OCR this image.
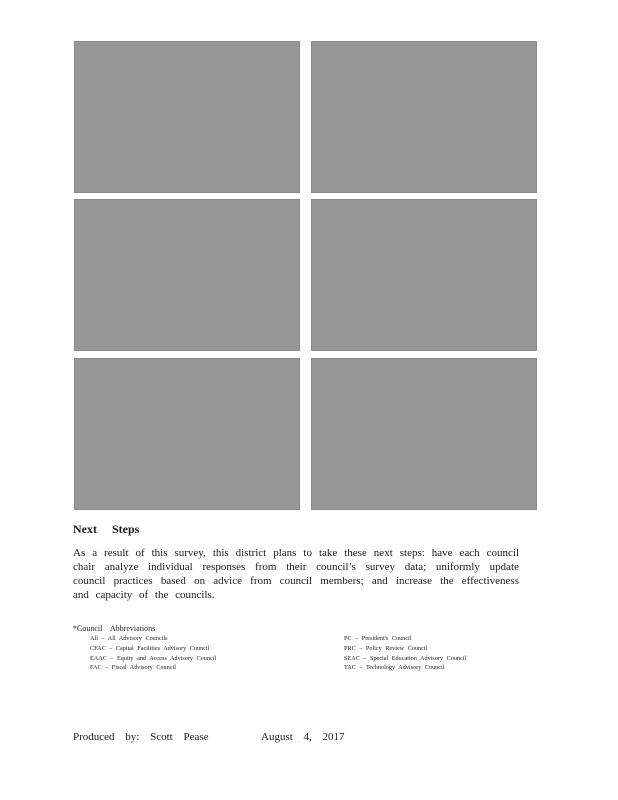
Next Steps
As a result of this survey, this district plans to take these next steps: have each council chair analyze individual responses from their council’s survey data; uniformly update council practices based on advice from council members; and increase the effectiveness and capacity of the councils.
*Council Abbreviations
All – All Advisory Councils
CFAC – Capital Facilities Advisory Council
EAAC – Equity and Access Advisory Council
FAC – Fiscal Advisory Council
PC – President's Council
PRC – Policy Review Council
SEAC – Special Education Advisory Council
TAC – Technology Advisory Council
Produced by: Scott Pease	August 4, 2017
